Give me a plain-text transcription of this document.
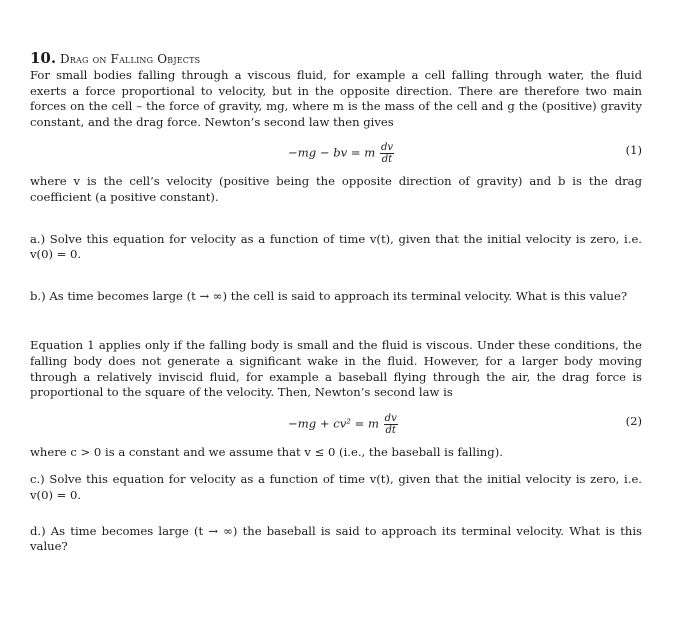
10. Drag on Falling Objects

For small bodies falling through a viscous fluid, for example a cell falling through water, the fluid exerts a force proportional to velocity, but in the opposite direction. There are therefore two main forces on the cell – the force of gravity, mg, where m is the mass of the cell and g the (positive) gravity constant, and the drag force. Newton’s second law then gives

−mg − bv = m $\frac{dv}{dt}$	(1)

where v is the cell’s velocity (positive being the opposite direction of gravity) and b is the drag coefficient (a positive constant).

a.) Solve this equation for velocity as a function of time v(t), given that the initial velocity is zero, i.e. v(0) = 0.

b.) As time becomes large (t → ∞) the cell is said to approach its terminal velocity. What is this value?

Equation 1 applies only if the falling body is small and the fluid is viscous. Under these conditions, the falling body does not generate a significant wake in the fluid. However, for a larger body moving through a relatively inviscid fluid, for example a baseball flying through the air, the drag force is proportional to the square of the velocity. Then, Newton’s second law is

−mg + cv² = m $\frac{dv}{dt}$	(2)

where c > 0 is a constant and we assume that v ≤ 0 (i.e., the baseball is falling).

c.) Solve this equation for velocity as a function of time v(t), given that the initial velocity is zero, i.e. v(0) = 0.

d.) As time becomes large (t → ∞) the baseball is said to approach its terminal velocity. What is this value?
